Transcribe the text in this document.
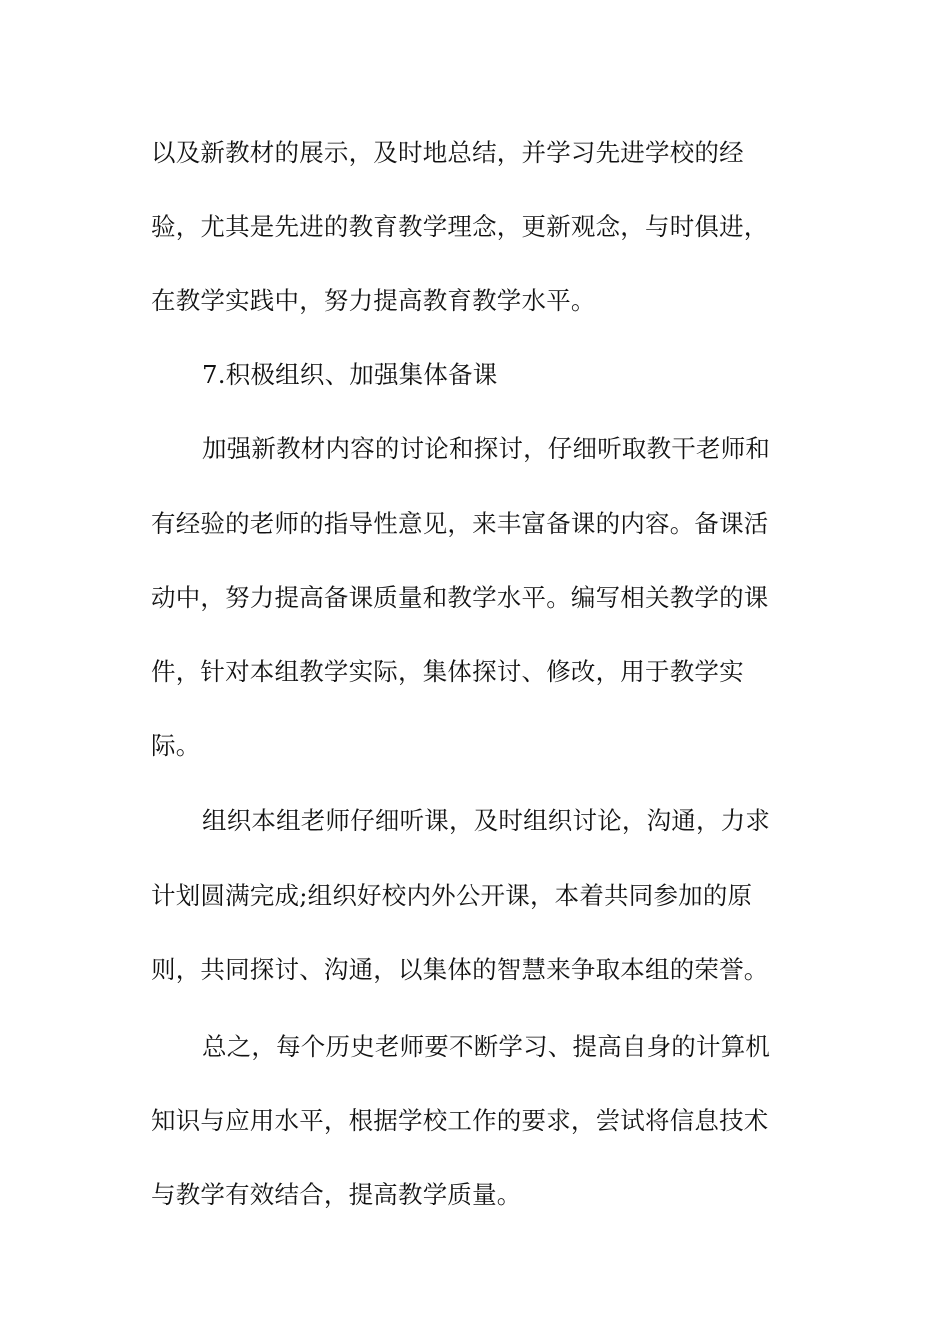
以及新教材的展示，及时地总结，并学习先进学校的经
验，尤其是先进的教育教学理念，更新观念，与时俱进，
在教学实践中，努力提高教育教学水平。
7.积极组织、加强集体备课
加强新教材内容的讨论和探讨，仔细听取教干老师和
有经验的老师的指导性意见，来丰富备课的内容。备课活
动中，努力提高备课质量和教学水平。编写相关教学的课
件，针对本组教学实际，集体探讨、修改，用于教学实
际。
组织本组老师仔细听课，及时组织讨论，沟通，力求
计划圆满完成;组织好校内外公开课，本着共同参加的原
则，共同探讨、沟通，以集体的智慧来争取本组的荣誉。
总之，每个历史老师要不断学习、提高自身的计算机
知识与应用水平，根据学校工作的要求，尝试将信息技术
与教学有效结合，提高教学质量。
